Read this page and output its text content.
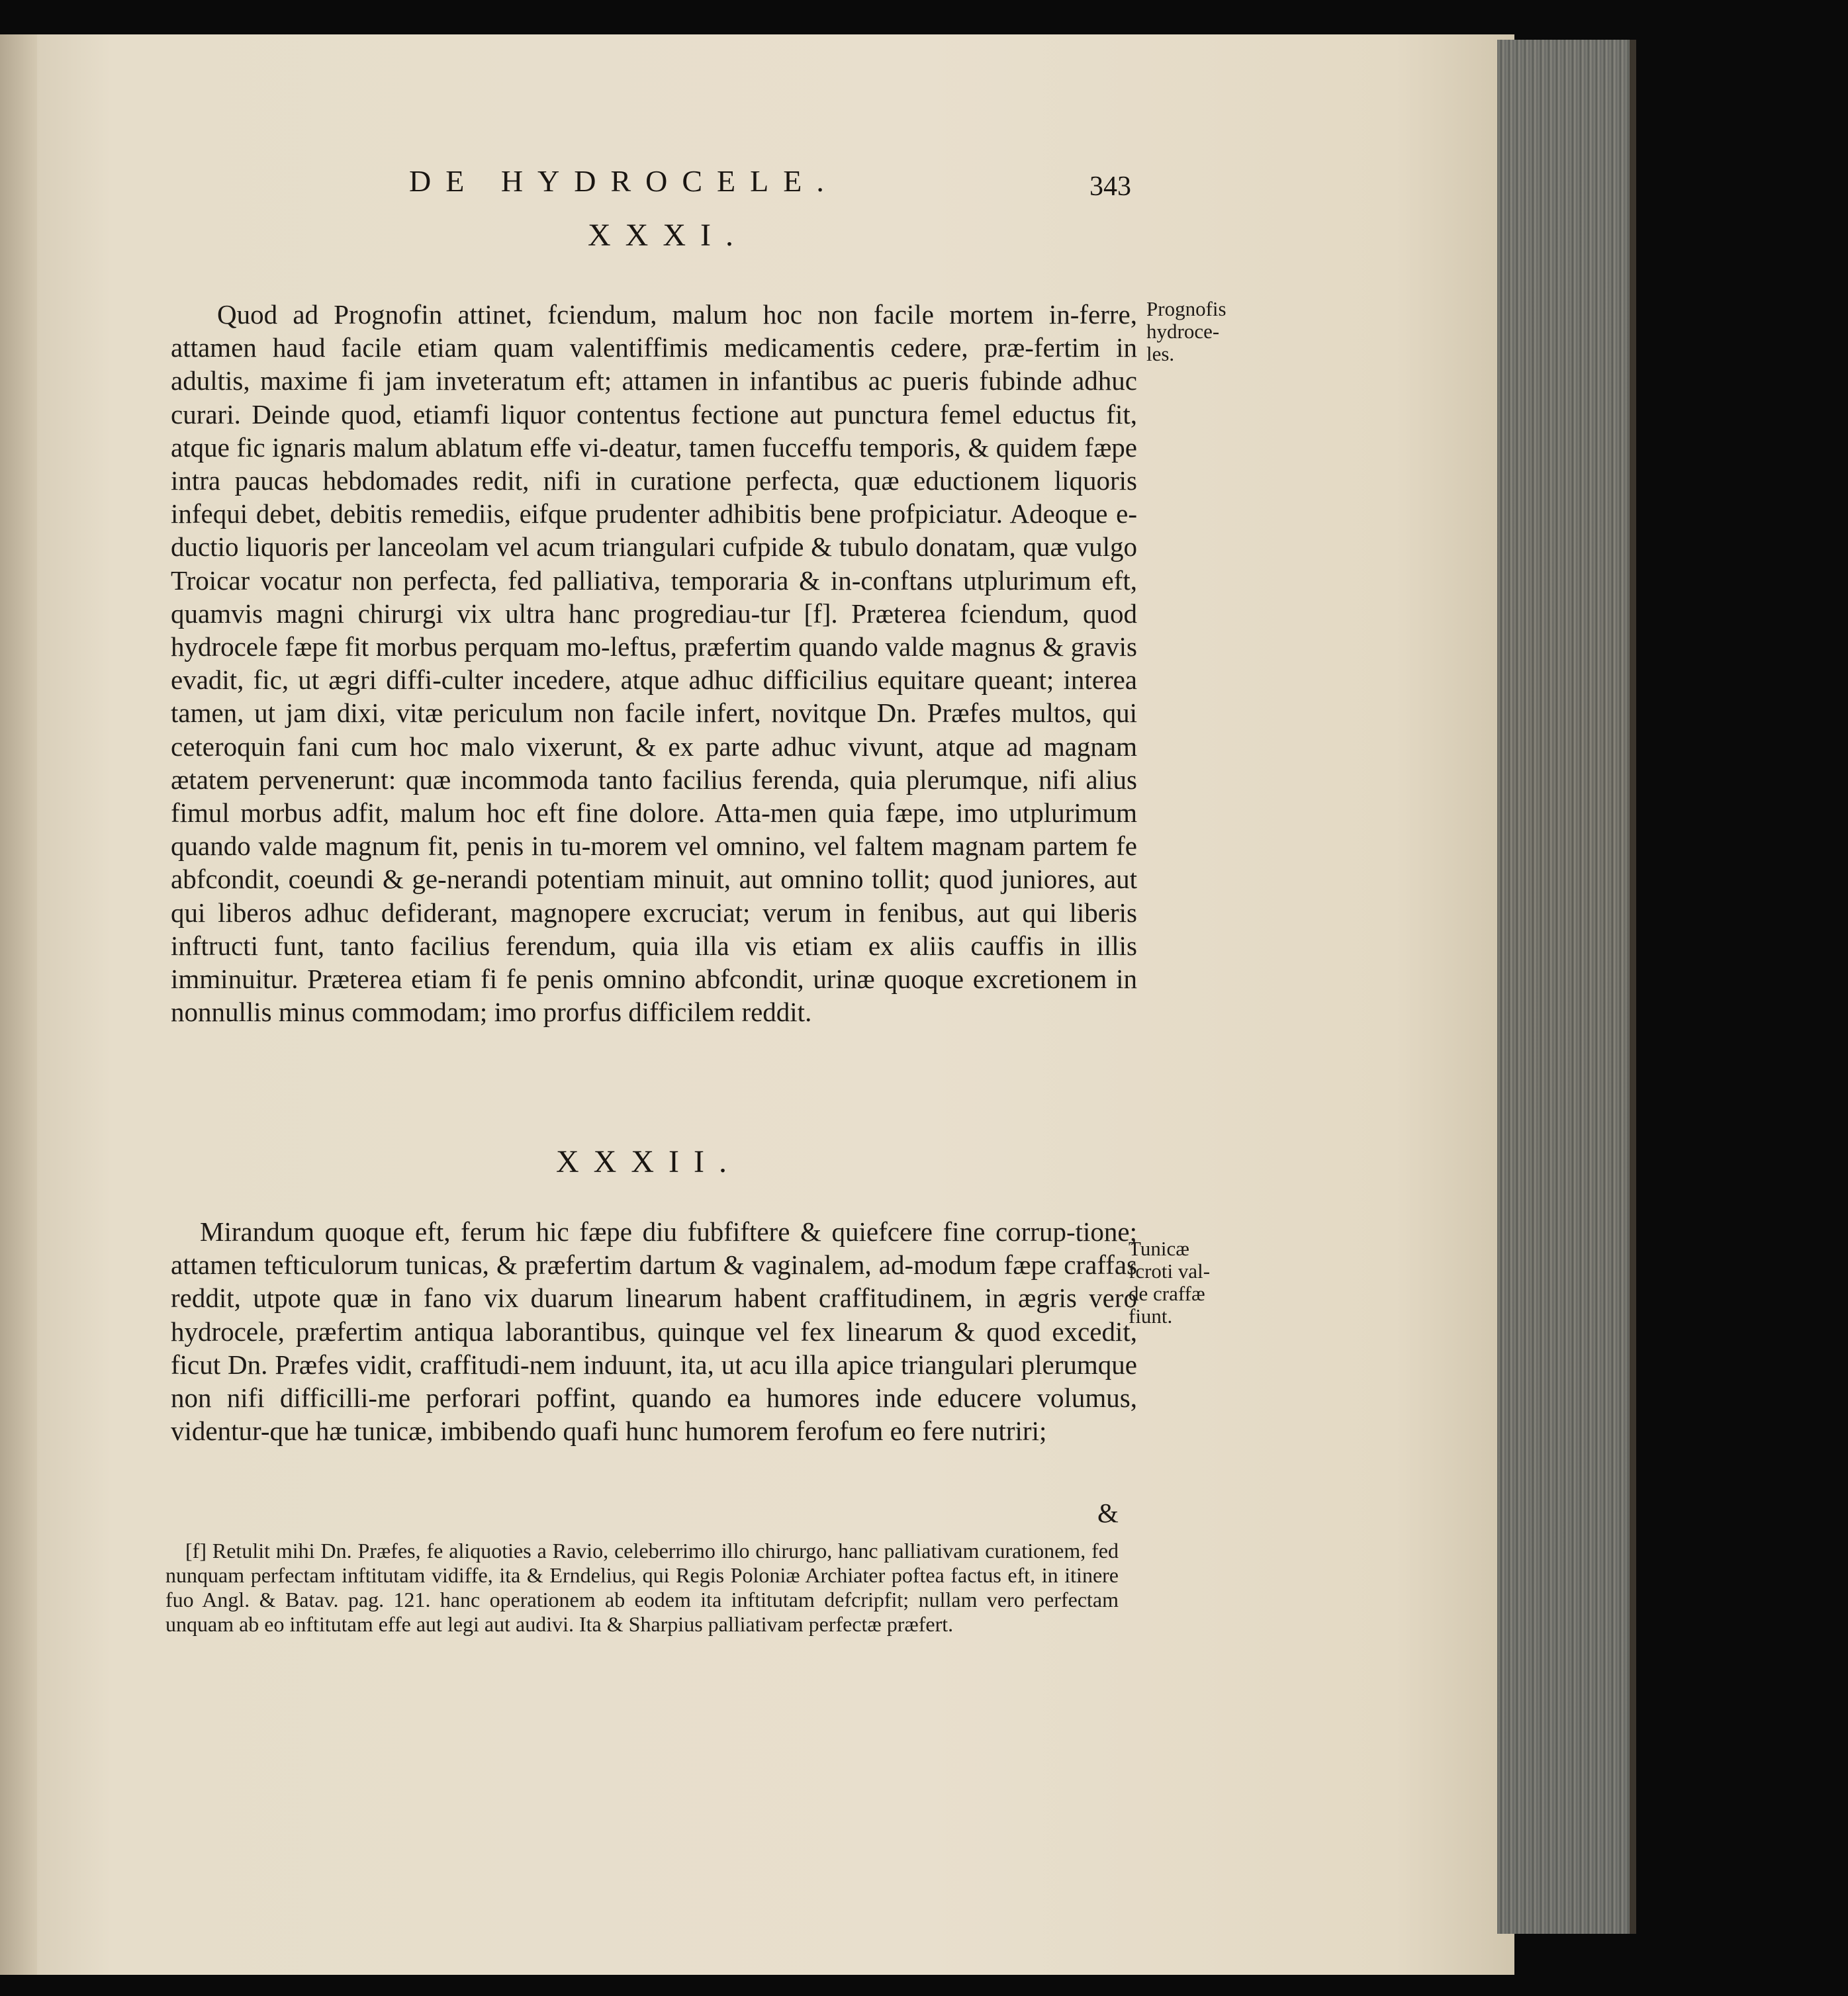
DE HYDROCELE.	343
XXXI.
Quod ad Prognofin attinet, fciendum, malum hoc non facile mortem in-ferre, attamen haud facile etiam quam valentiffimis medicamentis cedere, præ-fertim in adultis, maxime fi jam inveteratum eft; attamen in infantibus ac pueris fubinde adhuc curari. Deinde quod, etiamfi liquor contentus fectione aut punctura femel eductus fit, atque fic ignaris malum ablatum effe vi-deatur, tamen fucceffu temporis, & quidem fæpe intra paucas hebdomades redit, nifi in curatione perfecta, quæ eductionem liquoris infequi debet, debitis remediis, eifque prudenter adhibitis bene profpiciatur. Adeoque e-ductio liquoris per lanceolam vel acum triangulari cufpide & tubulo donatam, quæ vulgo Troicar vocatur non perfecta, fed palliativa, temporaria & in-conftans utplurimum eft, quamvis magni chirurgi vix ultra hanc progrediau-tur [f]. Præterea fciendum, quod hydrocele fæpe fit morbus perquam mo-leftus, præfertim quando valde magnus & gravis evadit, fic, ut ægri diffi-culter incedere, atque adhuc difficilius equitare queant; interea tamen, ut jam dixi, vitæ periculum non facile infert, novitque Dn. Præfes multos, qui ceteroquin fani cum hoc malo vixerunt, & ex parte adhuc vivunt, atque ad magnam ætatem pervenerunt: quæ incommoda tanto facilius ferenda, quia plerumque, nifi alius fimul morbus adfit, malum hoc eft fine dolore. Atta-men quia fæpe, imo utplurimum quando valde magnum fit, penis in tu-morem vel omnino, vel faltem magnam partem fe abfcondit, coeundi & ge-nerandi potentiam minuit, aut omnino tollit; quod juniores, aut qui liberos adhuc defiderant, magnopere excruciat; verum in fenibus, aut qui liberis inftructi funt, tanto facilius ferendum, quia illa vis etiam ex aliis cauffis in illis imminuitur. Præterea etiam fi fe penis omnino abfcondit, urinæ quoque excretionem in nonnullis minus commodam; imo prorfus difficilem reddit.
Prognofis hydroce-les.
XXXII.
Mirandum quoque eft, ferum hic fæpe diu fubfiftere & quiefcere fine corrup-tione; attamen tefticulorum tunicas, & præfertim dartum & vaginalem, ad-modum fæpe craffas reddit, utpote quæ in fano vix duarum linearum habent craffitudinem, in ægris vero hydrocele, præfertim antiqua laborantibus, quinque vel fex linearum & quod excedit, ficut Dn. Præfes vidit, craffitudi-nem induunt, ita, ut acu illa apice triangulari plerumque non nifi difficilli-me perforari poffint, quando ea humores inde educere volumus, videntur-que hæ tunicæ, imbibendo quafi hunc humorem ferofum eo fere nutriri;
Tunicæ fcroti val-de craffæ fiunt.
&
[f] Retulit mihi Dn. Præfes, fe aliquoties a Ravio, celeberrimo illo chirurgo, hanc palliativam curationem, fed nunquam perfectam inftitutam vidiffe, ita & Erndelius, qui Regis Poloniæ Archiater poftea factus eft, in itinere fuo Angl. & Batav. pag. 121. hanc operationem ab eodem ita inftitutam defcripfit; nullam vero perfectam unquam ab eo inftitutam effe aut legi aut audivi. Ita & Sharpius palliativam perfectæ præfert.
